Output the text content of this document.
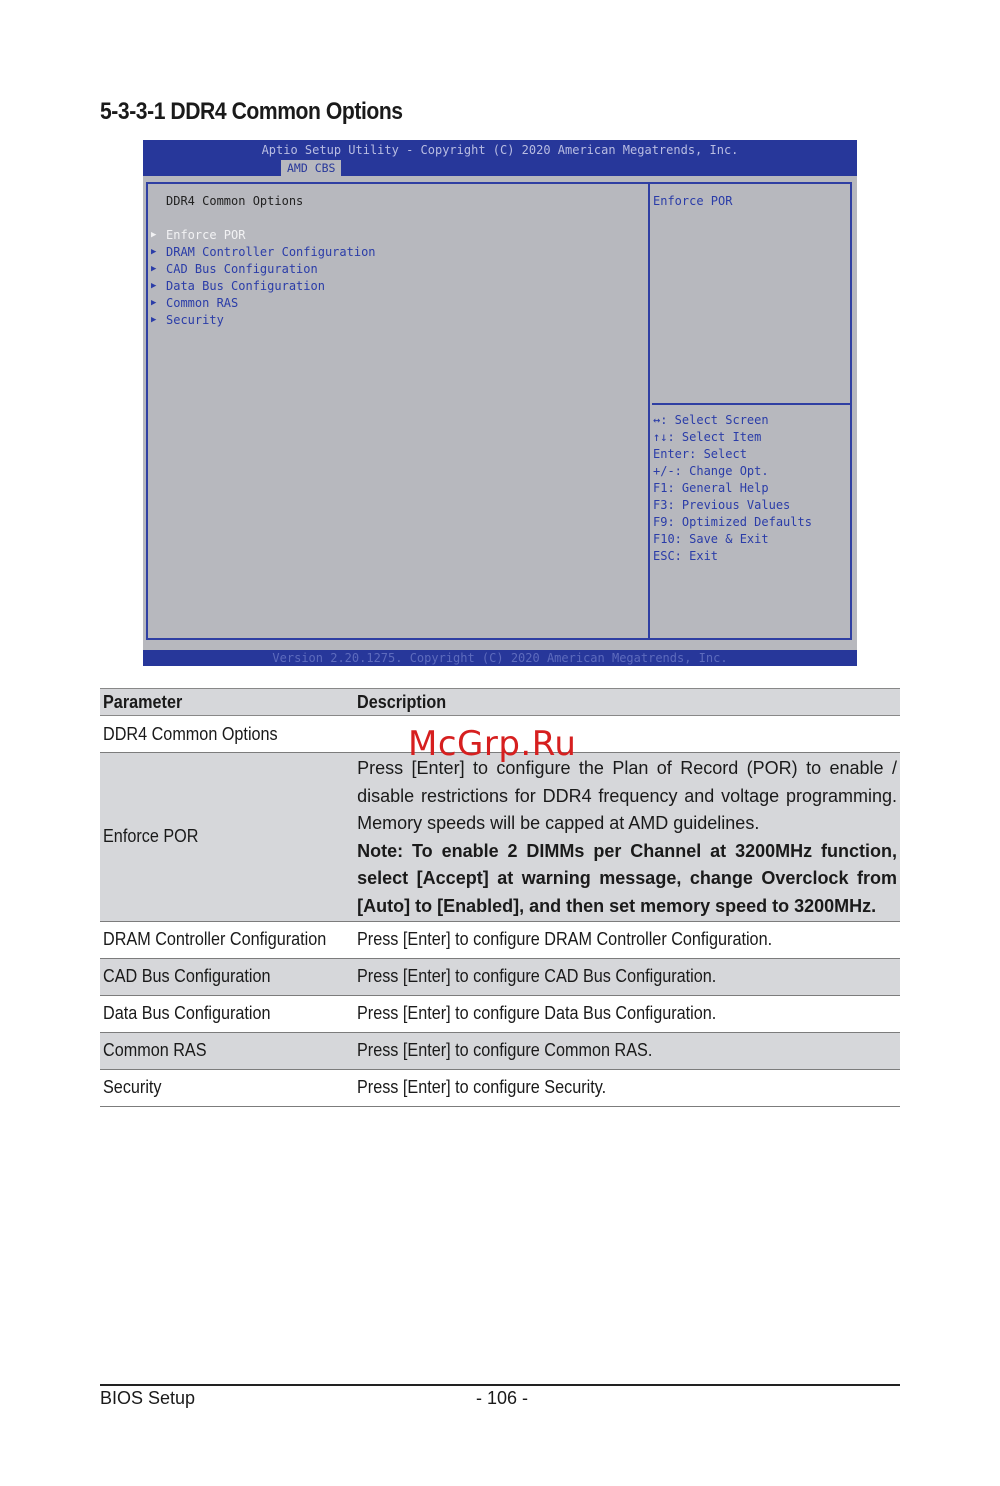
5-3-3-1 DDR4 Common Options
Aptio Setup Utility - Copyright (C) 2020 American Megatrends, Inc.
AMD CBS
DDR4 Common Options
▶ Enforce POR
▶ DRAM Controller Configuration
▶ CAD Bus Configuration
▶ Data Bus Configuration
▶ Common RAS
▶ Security
Enforce POR
↔: Select Screen
↑↓: Select Item
Enter: Select
+/-: Change Opt.
F1: General Help
F3: Previous Values
F9: Optimized Defaults
F10: Save & Exit
ESC: Exit
Version 2.20.1275. Copyright (C) 2020 American Megatrends, Inc.
Parameter	Description
DDR4 Common Options	
Enforce POR	Press [Enter] to configure the Plan of Record (POR) to enable / disable restrictions for DDR4 frequency and voltage programming. Memory speeds will be capped at AMD guidelines.

Note: To enable 2 DIMMs per Channel at 3200MHz function, select [Accept] at warning message, change Overclock from [Auto] to [Enabled], and then set memory speed to 3200MHz.

DRAM Controller Configuration	Press [Enter] to configure DRAM Controller Configuration.
CAD Bus Configuration	Press [Enter] to configure CAD Bus Configuration.
Data Bus Configuration	Press [Enter] to configure Data Bus Configuration.
Common RAS	Press [Enter] to configure Common RAS.
Security	Press [Enter] to configure Security.
McGrp.Ru
BIOS Setup	- 106 -
